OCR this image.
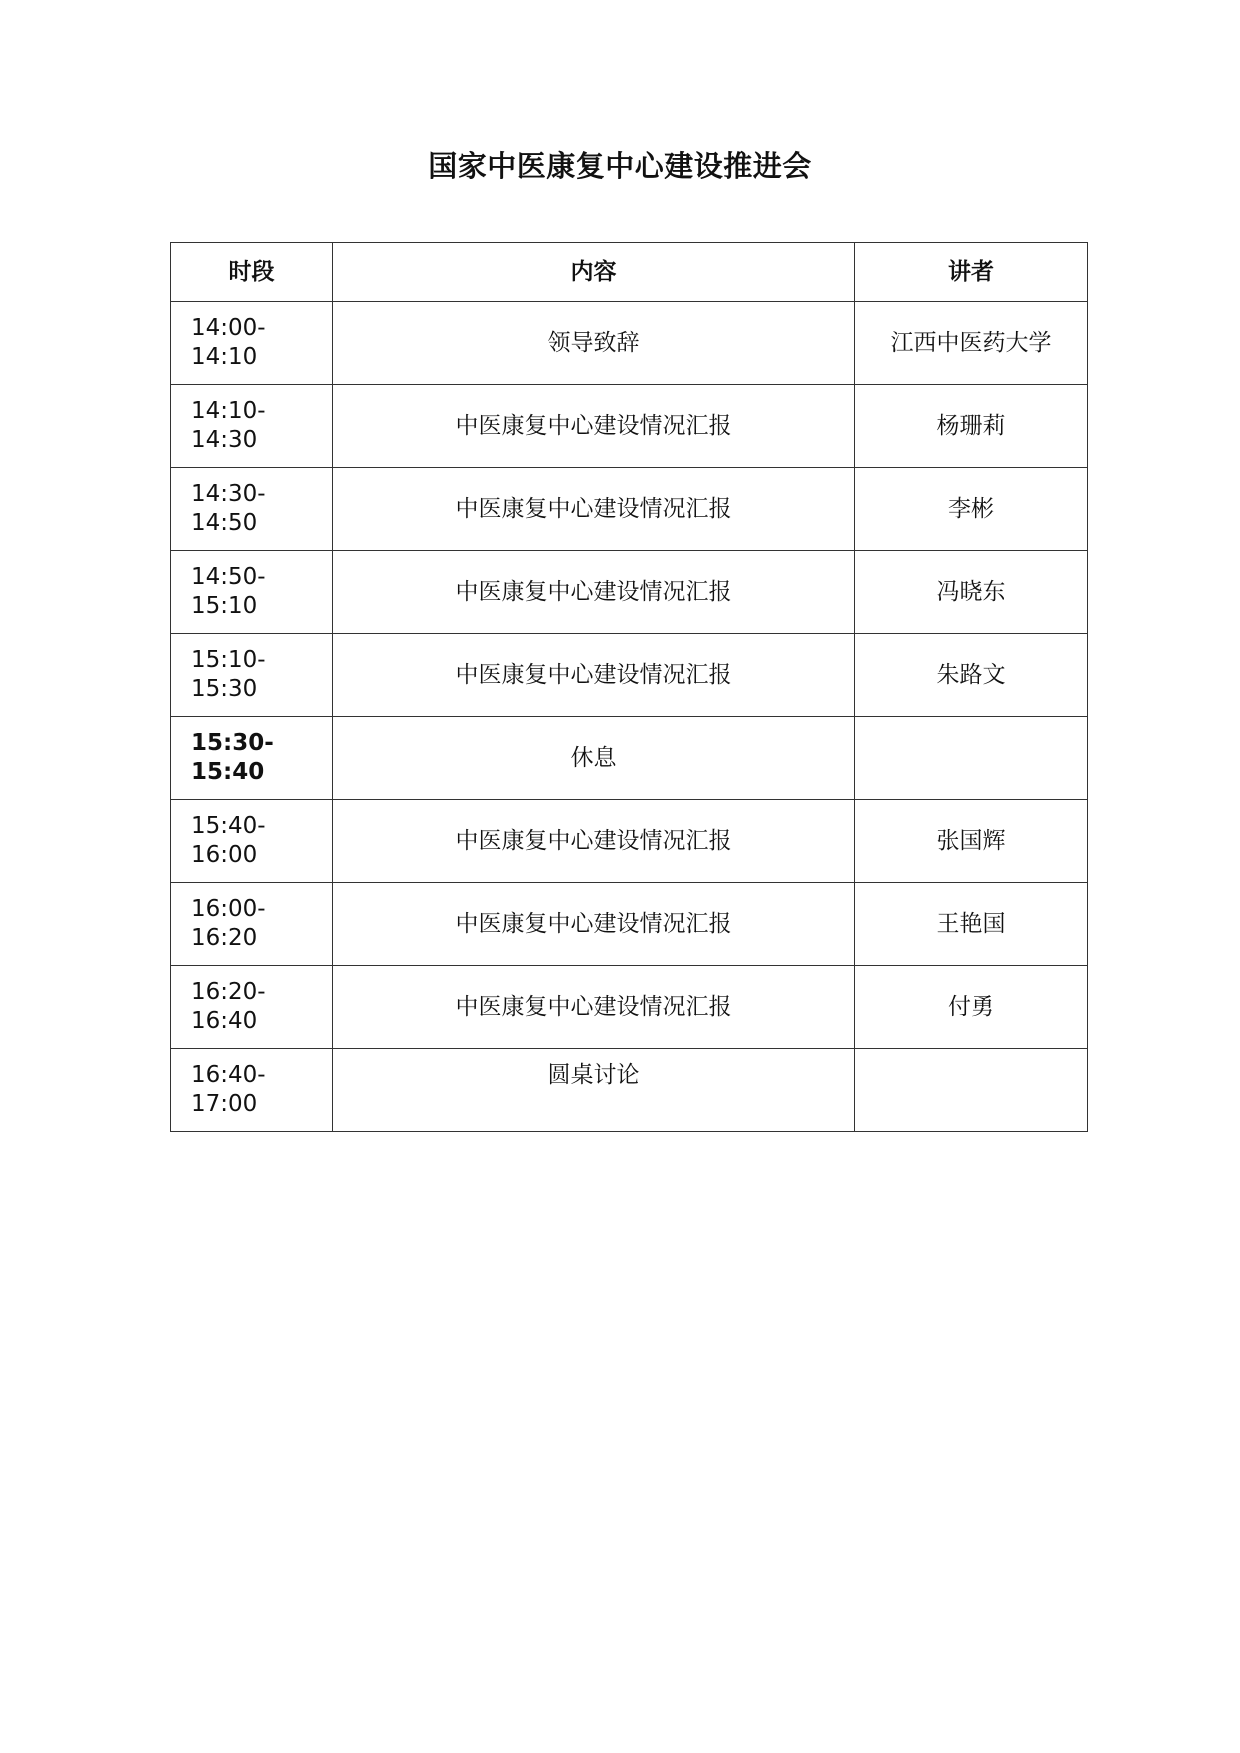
国家中医康复中心建设推进会
时段	内容	讲者

14:00-
14:10	领导致辞	江西中医药大学

14:10-
14:30	中医康复中心建设情况汇报	杨珊莉

14:30-
14:50	中医康复中心建设情况汇报	李彬

14:50-
15:10	中医康复中心建设情况汇报	冯晓东

15:10-
15:30	中医康复中心建设情况汇报	朱路文

15:30-
15:40	休息	

15:40-
16:00	中医康复中心建设情况汇报	张国辉

16:00-
16:20	中医康复中心建设情况汇报	王艳国

16:20-
16:40	中医康复中心建设情况汇报	付勇

16:40-
17:00	圆桌讨论	
